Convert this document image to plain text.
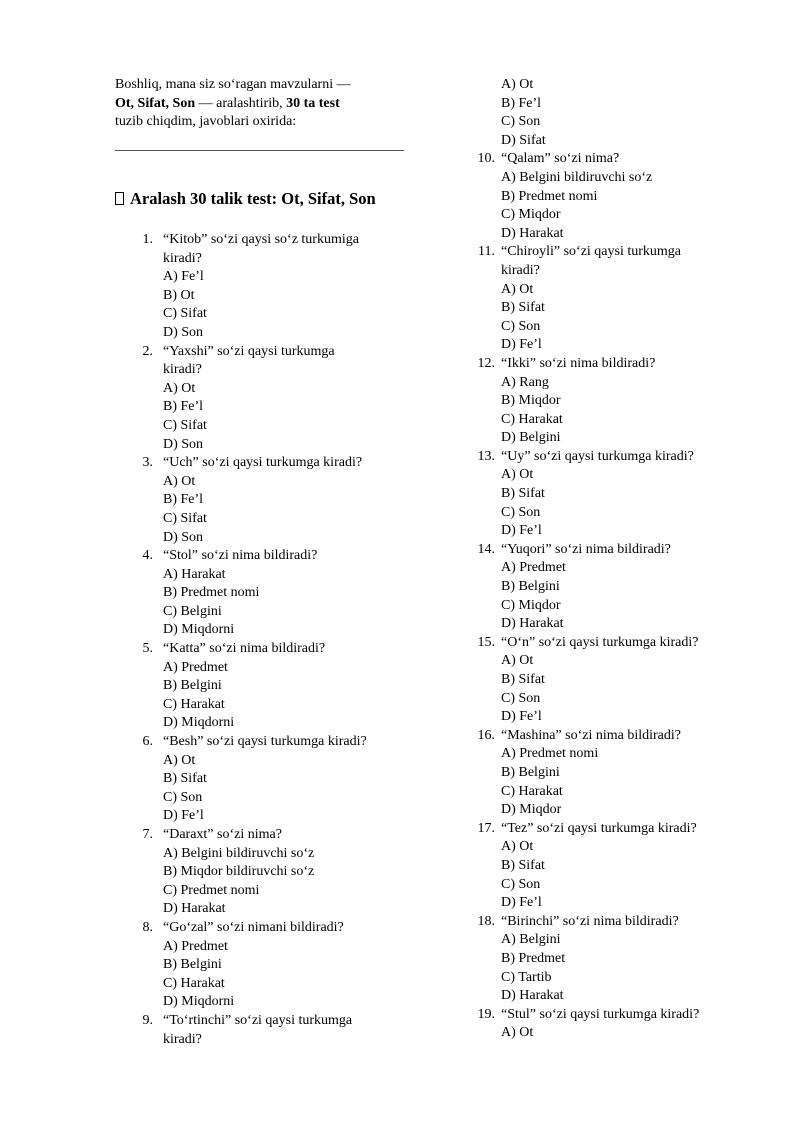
Boshliq, mana siz so‘ragan mavzularni —
Ot, Sifat, Son — aralashtirib, 30 ta test
tuzib chiqdim, javoblari oxirida:
Aralash 30 talik test: Ot, Sifat, Son
1. “Kitob” so‘zi qaysi so‘z turkumiga
kiradi?
A) Fe’l
B) Ot
C) Sifat
D) Son
2. “Yaxshi” so‘zi qaysi turkumga
kiradi?
A) Ot
B) Fe’l
C) Sifat
D) Son
3. “Uch” so‘zi qaysi turkumga kiradi?
A) Ot
B) Fe’l
C) Sifat
D) Son
4. “Stol” so‘zi nima bildiradi?
A) Harakat
B) Predmet nomi
C) Belgini
D) Miqdorni
5. “Katta” so‘zi nima bildiradi?
A) Predmet
B) Belgini
C) Harakat
D) Miqdorni
6. “Besh” so‘zi qaysi turkumga kiradi?
A) Ot
B) Sifat
C) Son
D) Fe’l
7. “Daraxt” so‘zi nima?
A) Belgini bildiruvchi so‘z
B) Miqdor bildiruvchi so‘z
C) Predmet nomi
D) Harakat
8. “Go‘zal” so‘zi nimani bildiradi?
A) Predmet
B) Belgini
C) Harakat
D) Miqdorni
9. “To‘rtinchi” so‘zi qaysi turkumga
kiradi?
A) Ot
B) Fe’l
C) Son
D) Sifat
10. “Qalam” so‘zi nima?
A) Belgini bildiruvchi so‘z
B) Predmet nomi
C) Miqdor
D) Harakat
11. “Chiroyli” so‘zi qaysi turkumga
kiradi?
A) Ot
B) Sifat
C) Son
D) Fe’l
12. “Ikki” so‘zi nima bildiradi?
A) Rang
B) Miqdor
C) Harakat
D) Belgini
13. “Uy” so‘zi qaysi turkumga kiradi?
A) Ot
B) Sifat
C) Son
D) Fe’l
14. “Yuqori” so‘zi nima bildiradi?
A) Predmet
B) Belgini
C) Miqdor
D) Harakat
15. “O‘n” so‘zi qaysi turkumga kiradi?
A) Ot
B) Sifat
C) Son
D) Fe’l
16. “Mashina” so‘zi nima bildiradi?
A) Predmet nomi
B) Belgini
C) Harakat
D) Miqdor
17. “Tez” so‘zi qaysi turkumga kiradi?
A) Ot
B) Sifat
C) Son
D) Fe’l
18. “Birinchi” so‘zi nima bildiradi?
A) Belgini
B) Predmet
C) Tartib
D) Harakat
19. “Stul” so‘zi qaysi turkumga kiradi?
A) Ot
